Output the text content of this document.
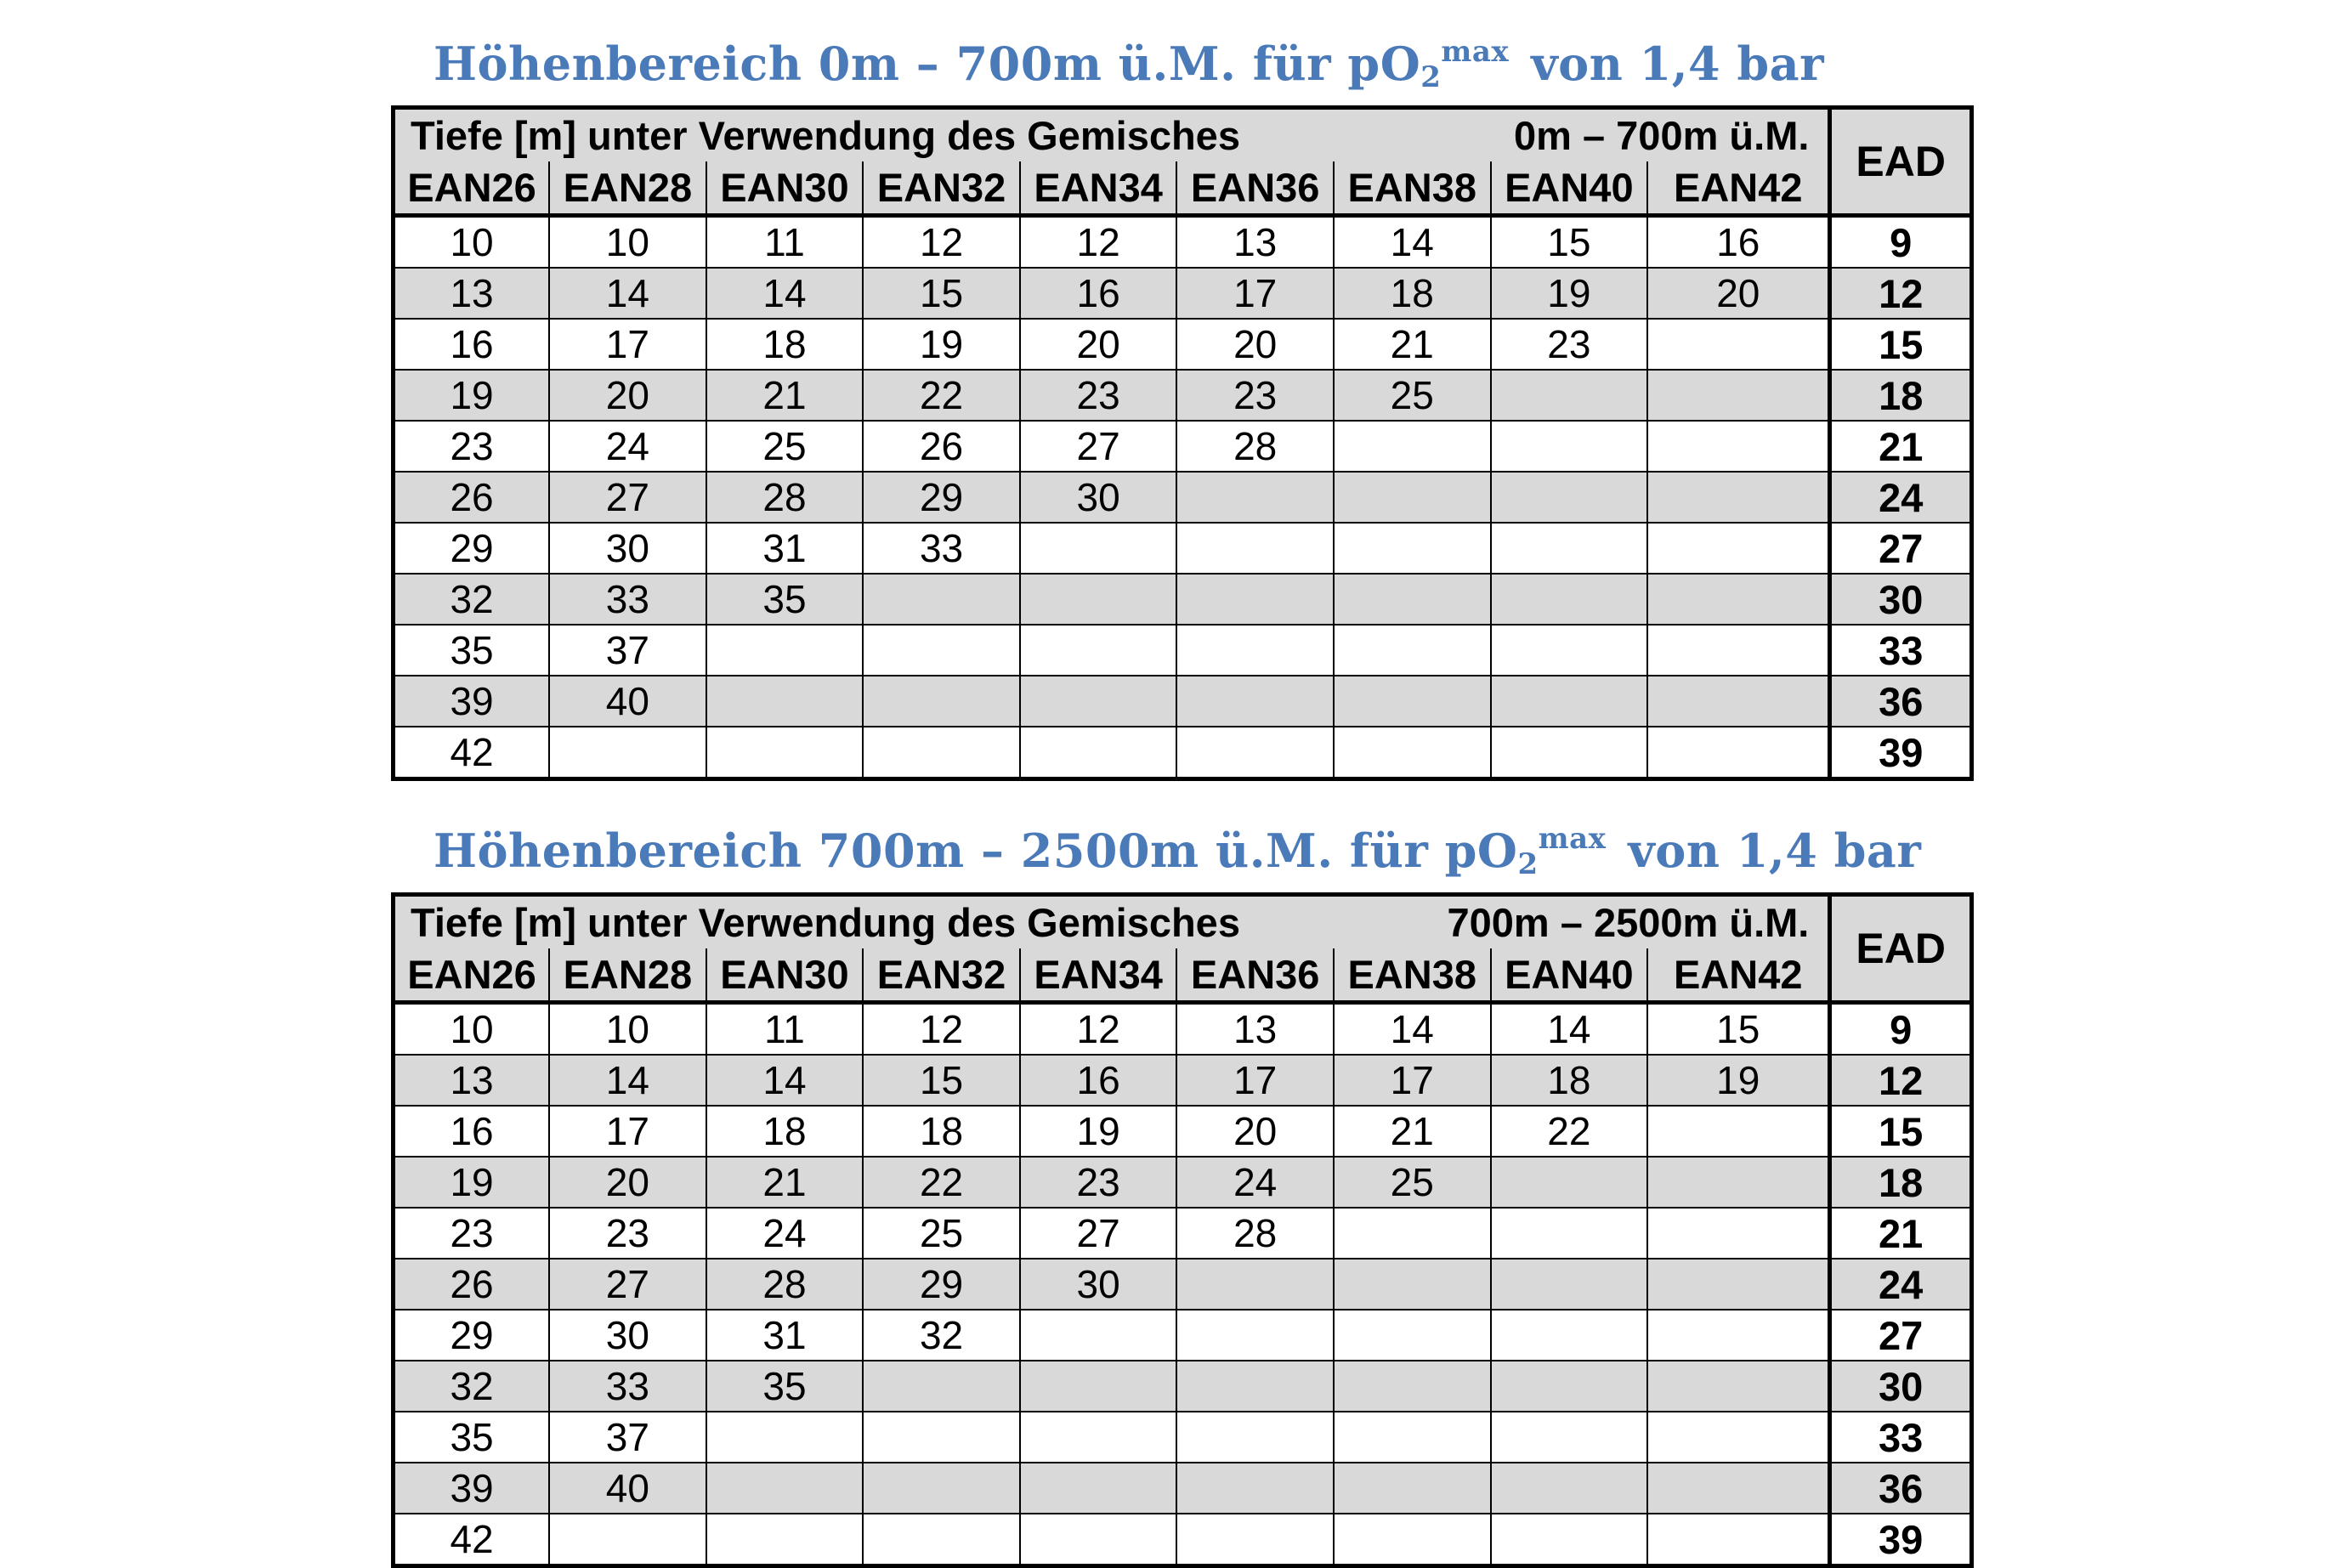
Höhenbereich 0m – 700m ü.M. für $pO2^{max}$ von 1,4 bar
Tiefe [m] unter Verwendung des Gemisches 0m – 700m ü.M.									EAD
EAN26	EAN28	EAN30	EAN32	EAN34	EAN36	EAN38	EAN40	EAN42	
10	10	11	12	12	13	14	15	16	9
13	14	14	15	16	17	18	19	20	12
16	17	18	19	20	20	21	23		15
19	20	21	22	23	23	25			18
23	24	25	26	27	28				21
26	27	28	29	30					24
29	30	31	33						27
32	33	35							30
35	37								33
39	40								36
42									39
Höhenbereich 700m – 2500m ü.M. für $pO2^{max}$ von 1,4 bar
Tiefe [m] unter Verwendung des Gemisches 700m – 2500m ü.M.									EAD
EAN26	EAN28	EAN30	EAN32	EAN34	EAN36	EAN38	EAN40	EAN42	
10	10	11	12	12	13	14	14	15	9
13	14	14	15	16	17	17	18	19	12
16	17	18	18	19	20	21	22		15
19	20	21	22	23	24	25			18
23	23	24	25	27	28				21
26	27	28	29	30					24
29	30	31	32						27
32	33	35							30
35	37								33
39	40								36
42									39
